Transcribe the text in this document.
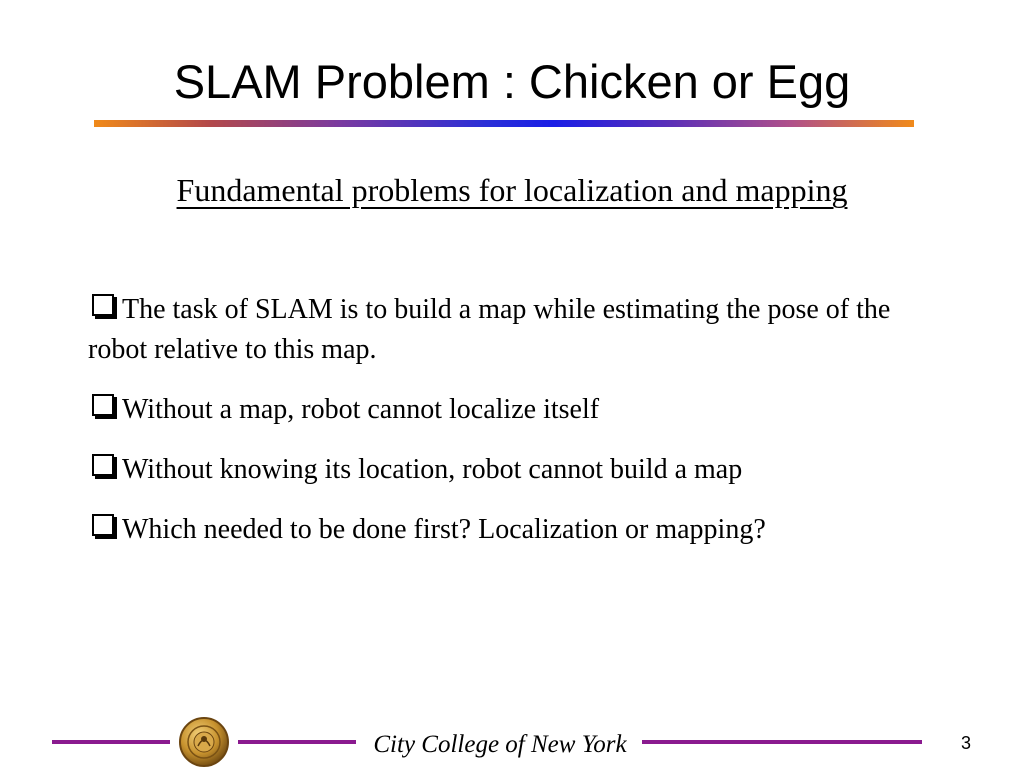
SLAM Problem : Chicken or Egg

Fundamental problems for localization and mapping

The task of SLAM is to build a map while estimating the pose of the robot relative to this map.
Without a map, robot cannot localize itself
Without knowing its location, robot cannot build a map
Which needed to be done first? Localization or mapping?
City College of New York	3
